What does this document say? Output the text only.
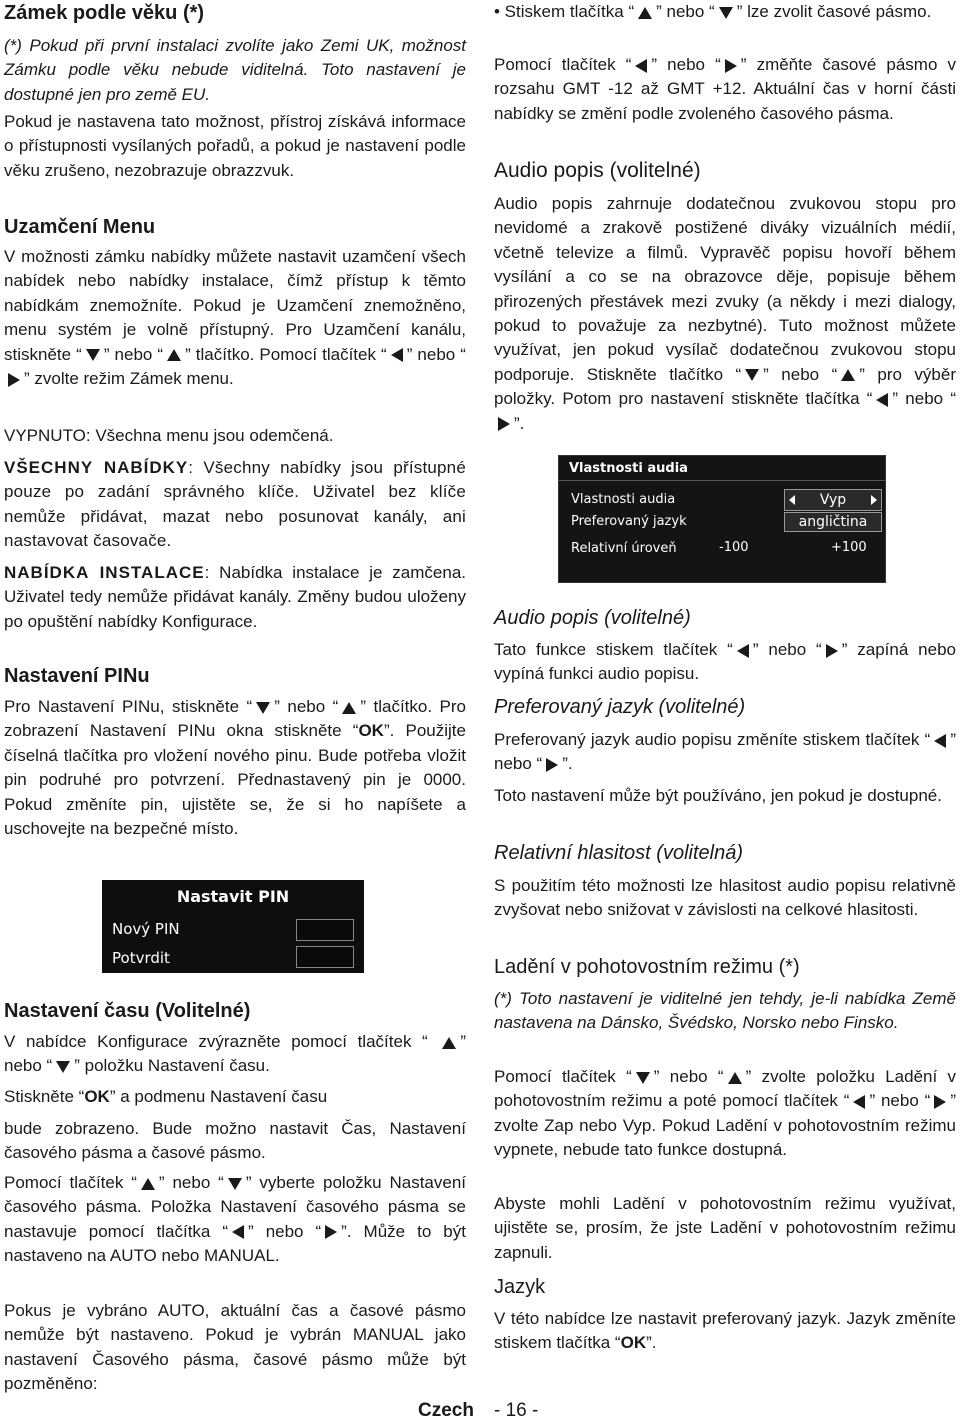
Zámek podle věku (*)

(*) Pokud při první instalaci zvolíte jako Zemi UK, možnost Zámku podle věku nebude viditelná. Toto nastavení je dostupné jen pro země EU.

Pokud je nastavena tato možnost, přístroj získává informace o přístupnosti vysílaných pořadů, a pokud je nastavení podle věku zrušeno, nezobrazuje obrazzvuk.

Uzamčení Menu

V možnosti zámku nabídky můžete nastavit uzamčení všech nabídek nebo nabídky instalace, čímž přístup k těmto nabídkám znemožníte. Pokud je Uzamčení znemožněno, menu systém je volně přístupný. Pro Uzamčení kanálu, stiskněte “ ” nebo “ ” tlačítko. Pomocí tlačítek “ ” nebo “” zvolte režim Zámek menu.

VYPNUTO: Všechna menu jsou odemčená.

VŠECHNY NABÍDKY: Všechny nabídky jsou přístupné pouze po zadání správného klíče. Uživatel bez klíče nemůže přidávat, mazat nebo posunovat kanály, ani nastavovat časovače.

NABÍDKA INSTALACE: Nabídka instalace je zamčena. Uživatel tedy nemůže přidávat kanály. Změny budou uloženy po opuštění nabídky Konfigurace.

Nastavení PINu

Pro Nastavení PINu, stiskněte “ ” nebo “ ” tlačítko. Pro zobrazení Nastavení PINu okna stiskněte “OK”. Použijte číselná tlačítka pro vložení nového pinu. Bude potřeba vložit pin podruhé pro potvrzení. Přednastavený pin je 0000. Pokud změníte pin, ujistěte se, že si ho napíšete a uschovejte na bezpečné místo.

Nastavit PIN
Nový PIN
Potvrdit
Nastavení času (Volitelné)

V nabídce Konfigurace zvýrazněte pomocí tlačítek “ ” nebo “ ” položku Nastavení času.

Stiskněte “OK” a podmenu Nastavení času

bude zobrazeno. Bude možno nastavit Čas, Nastavení časového pásma a časové pásmo.

Pomocí tlačítek “ ” nebo “ ” vyberte položku Nastavení časového pásma. Položka Nastavení časového pásma se nastavuje pomocí tlačítka “ ” nebo “ ”. Může to být nastaveno na AUTO nebo MANUAL.

Pokus je vybráno AUTO, aktuální čas a časové pásmo nemůže být nastaveno. Pokud je vybrán MANUAL jako nastavení Časového pásma, časové pásmo může být pozměněno:

• Stiskem tlačítka “ ” nebo “ ” lze zvolit časové pásmo.

Pomocí tlačítek “ ” nebo “ ” změňte časové pásmo v rozsahu GMT -12 až GMT +12. Aktuální čas v horní části nabídky se změní podle zvoleného časového pásma.

Audio popis (volitelné)

Audio popis zahrnuje dodatečnou zvukovou stopu pro nevidomé a zrakově postižené diváky vizuálních médií, včetně televize a filmů. Vypravěč popisu hovoří během vysílání a co se na obrazovce děje, popisuje během přirozených přestávek mezi zvuky (a někdy i mezi dialogy, pokud to považuje za nezbytné). Tuto možnost můžete využívat, jen pokud vysílač dodatečnou zvukovou stopu podporuje. Stiskněte tlačítko “ ” nebo “ ” pro výběr položky. Potom pro nastavení stiskněte tlačítka “ ” nebo “”.

Vlastnosti audia
Vlastnosti audia	Vyp
Preferovaný jazyk	angličtina
Relativní úroveň	-100	+100
Audio popis (volitelné)

Tato funkce stiskem tlačítek “ ” nebo “ ” zapíná nebo vypíná funkci audio popisu.

Preferovaný jazyk (volitelné)

Preferovaný jazyk audio popisu změníte stiskem tlačítek “ ” nebo “ ”.

Toto nastavení může být používáno, jen pokud je dostupné.

Relativní hlasitost (volitelná)

S použitím této možnosti lze hlasitost audio popisu relativně zvyšovat nebo snižovat v závislosti na celkové hlasitosti.

Ladění v pohotovostním režimu (*)

(*) Toto nastavení je viditelné jen tehdy, je-li nabídka Země nastavena na Dánsko, Švédsko, Norsko nebo Finsko.

Pomocí tlačítek “ ” nebo “ ” zvolte položku Ladění v pohotovostním režimu a poté pomocí tlačítek “ ” nebo “ ” zvolte Zap nebo Vyp. Pokud Ladění v pohotovostním režimu vypnete, nebude tato funkce dostupná.

Abyste mohli Ladění v pohotovostním režimu využívat, ujistěte se, prosím, že jste Ladění v pohotovostním režimu zapnuli.

Jazyk

V této nabídce lze nastavit preferovaný jazyk. Jazyk změníte stiskem tlačítka “OK”.

Czech - 16 -
